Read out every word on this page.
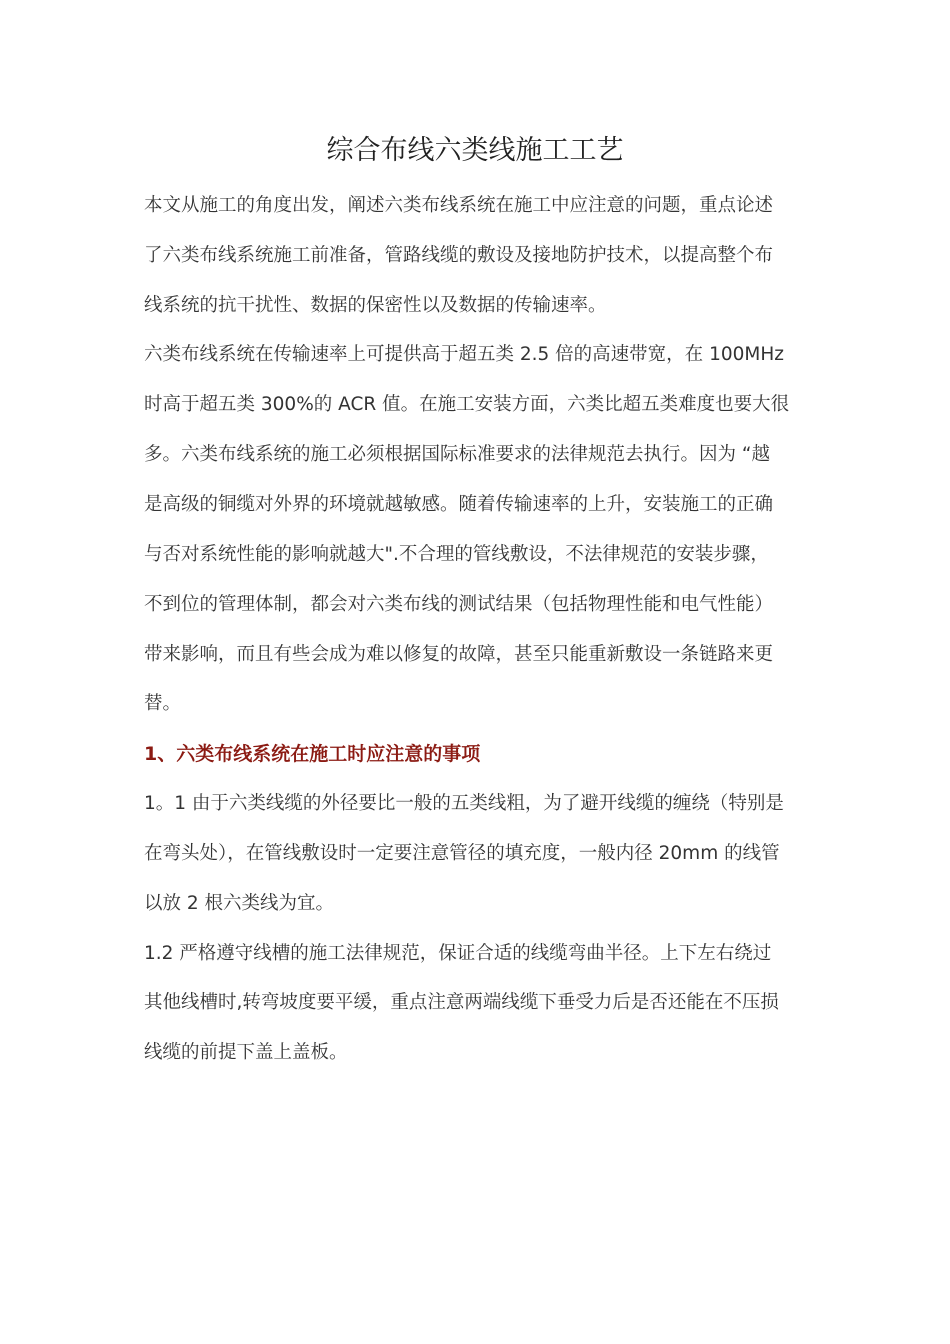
综合布线六类线施工工艺
本文从施工的角度出发，阐述六类布线系统在施工中应注意的问题，重点论述
了六类布线系统施工前准备，管路线缆的敷设及接地防护技术，以提高整个布
线系统的抗干扰性、数据的保密性以及数据的传输速率。
六类布线系统在传输速率上可提供高于超五类 2.5 倍的高速带宽，在 100MHz
时高于超五类 300%的 ACR 值。在施工安装方面，六类比超五类难度也要大很
多。六类布线系统的施工必须根据国际标准要求的法律规范去执行。因为 “越
是高级的铜缆对外界的环境就越敏感。随着传输速率的上升，安装施工的正确
与否对系统性能的影响就越大".不合理的管线敷设，不法律规范的安装步骤，
不到位的管理体制，都会对六类布线的测试结果（包括物理性能和电气性能）
带来影响，而且有些会成为难以修复的故障，甚至只能重新敷设一条链路来更
替。
1、六类布线系统在施工时应注意的事项
1。1 由于六类线缆的外径要比一般的五类线粗，为了避开线缆的缠绕（特别是
在弯头处），在管线敷设时一定要注意管径的填充度，一般内径 20mm 的线管
以放 2 根六类线为宜。
1.2 严格遵守线槽的施工法律规范，保证合适的线缆弯曲半径。上下左右绕过
其他线槽时,转弯坡度要平缓，重点注意两端线缆下垂受力后是否还能在不压损
线缆的前提下盖上盖板。
